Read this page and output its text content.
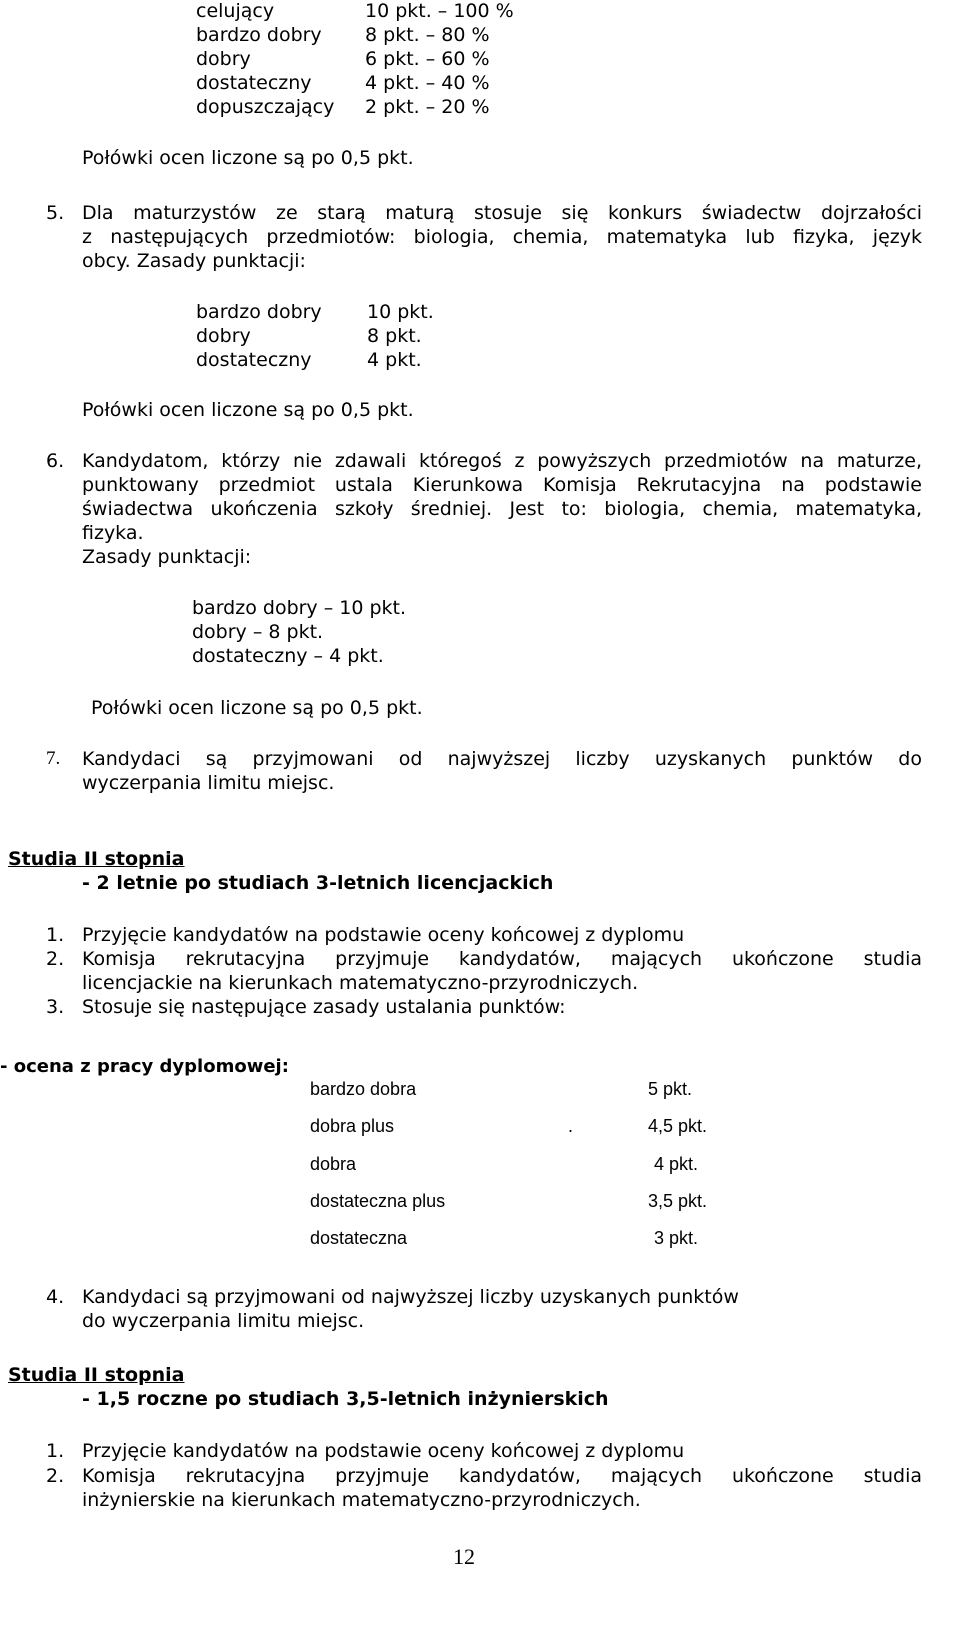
celujący	10 pkt. – 100 %
bardzo dobry 8 pkt. – 80 %
dobry	6 pkt. – 60 %
dostateczny	4 pkt. – 40 %
dopuszczający 2 pkt. – 20 %
Połówki ocen liczone są po 0,5 pkt.
5. Dla maturzystów ze starą maturą stosuje się konkurs świadectw dojrzałości
z następujących przedmiotów: biologia, chemia, matematyka lub fizyka, język
obcy. Zasady punktacji:
bardzo dobry 10 pkt.
dobry	8 pkt.
dostateczny	4 pkt.
Połówki ocen liczone są po 0,5 pkt.
6. Kandydatom, którzy nie zdawali któregoś z powyższych przedmiotów na maturze,
punktowany przedmiot ustala Kierunkowa Komisja Rekrutacyjna na podstawie
świadectwa ukończenia szkoły średniej. Jest to: biologia, chemia, matematyka,
fizyka.
Zasady punktacji:
bardzo dobry – 10 pkt.
dobry – 8 pkt.
dostateczny – 4 pkt.
Połówki ocen liczone są po 0,5 pkt.
7. Kandydaci są przyjmowani od najwyższej liczby uzyskanych punktów do
wyczerpania limitu miejsc.
Studia II stopnia
- 2 letnie po studiach 3-letnich licencjackich
1. Przyjęcie kandydatów na podstawie oceny końcowej z dyplomu
2. Komisja rekrutacyjna przyjmuje kandydatów, mających ukończone studia
licencjackie na kierunkach matematyczno-przyrodniczych.
3. Stosuje się następujące zasady ustalania punktów:
- ocena z pracy dyplomowej:
bardzo dobra	5 pkt.
dobra plus	.	4,5 pkt.
dobra	4 pkt.
dostateczna plus	3,5 pkt.
dostateczna	3 pkt.
4. Kandydaci są przyjmowani od najwyższej liczby uzyskanych punktów
do wyczerpania limitu miejsc.
Studia II stopnia
- 1,5 roczne po studiach 3,5-letnich inżynierskich
1. Przyjęcie kandydatów na podstawie oceny końcowej z dyplomu
2. Komisja rekrutacyjna przyjmuje kandydatów, mających ukończone studia
inżynierskie na kierunkach matematyczno-przyrodniczych.
12
